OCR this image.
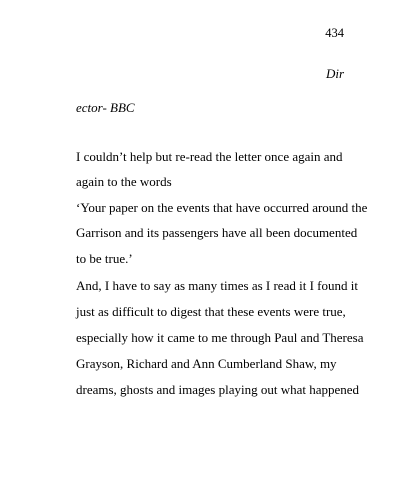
434
Dir
ector- BBC
I couldn’t help but re-read the letter once again and
again to the words
‘Your paper on the events that have occurred around the
Garrison and its passengers have all been documented
to be true.’
And, I have to say as many times as I read it I found it
just as difficult to digest that these events were true,
especially how it came to me through Paul and Theresa
Grayson, Richard and Ann Cumberland Shaw, my
dreams, ghosts and images playing out what happened
